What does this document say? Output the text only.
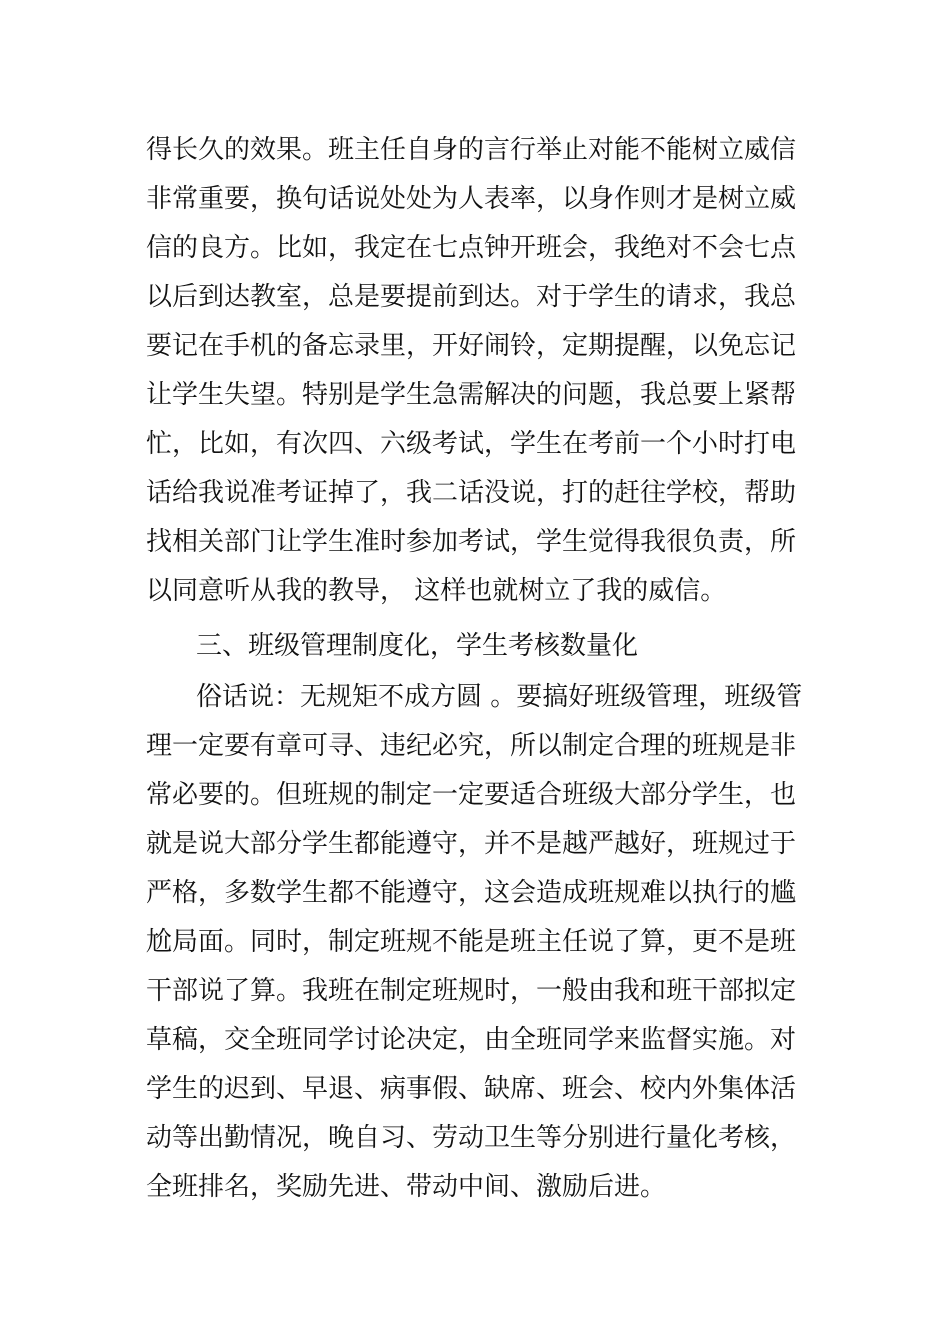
得长久的效果。班主任自身的言行举止对能不能树立威信
非常重要，换句话说处处为人表率，以身作则才是树立威
信的良方。比如，我定在七点钟开班会，我绝对不会七点
以后到达教室，总是要提前到达。对于学生的请求，我总
要记在手机的备忘录里，开好闹铃，定期提醒，以免忘记
让学生失望。特别是学生急需解决的问题，我总要上紧帮
忙，比如，有次四、六级考试，学生在考前一个小时打电
话给我说准考证掉了，我二话没说，打的赶往学校，帮助
找相关部门让学生准时参加考试，学生觉得我很负责，所
以同意听从我的教导， 这样也就树立了我的威信。
三、班级管理制度化，学生考核数量化
俗话说：无规矩不成方圆 。要搞好班级管理，班级管
理一定要有章可寻、违纪必究，所以制定合理的班规是非
常必要的。但班规的制定一定要适合班级大部分学生，也
就是说大部分学生都能遵守，并不是越严越好，班规过于
严格，多数学生都不能遵守，这会造成班规难以执行的尴
尬局面。同时，制定班规不能是班主任说了算，更不是班
干部说了算。我班在制定班规时，一般由我和班干部拟定
草稿，交全班同学讨论决定，由全班同学来监督实施。对
学生的迟到、早退、病事假、缺席、班会、校内外集体活
动等出勤情况，晚自习、劳动卫生等分别进行量化考核，
全班排名，奖励先进、带动中间、激励后进。
